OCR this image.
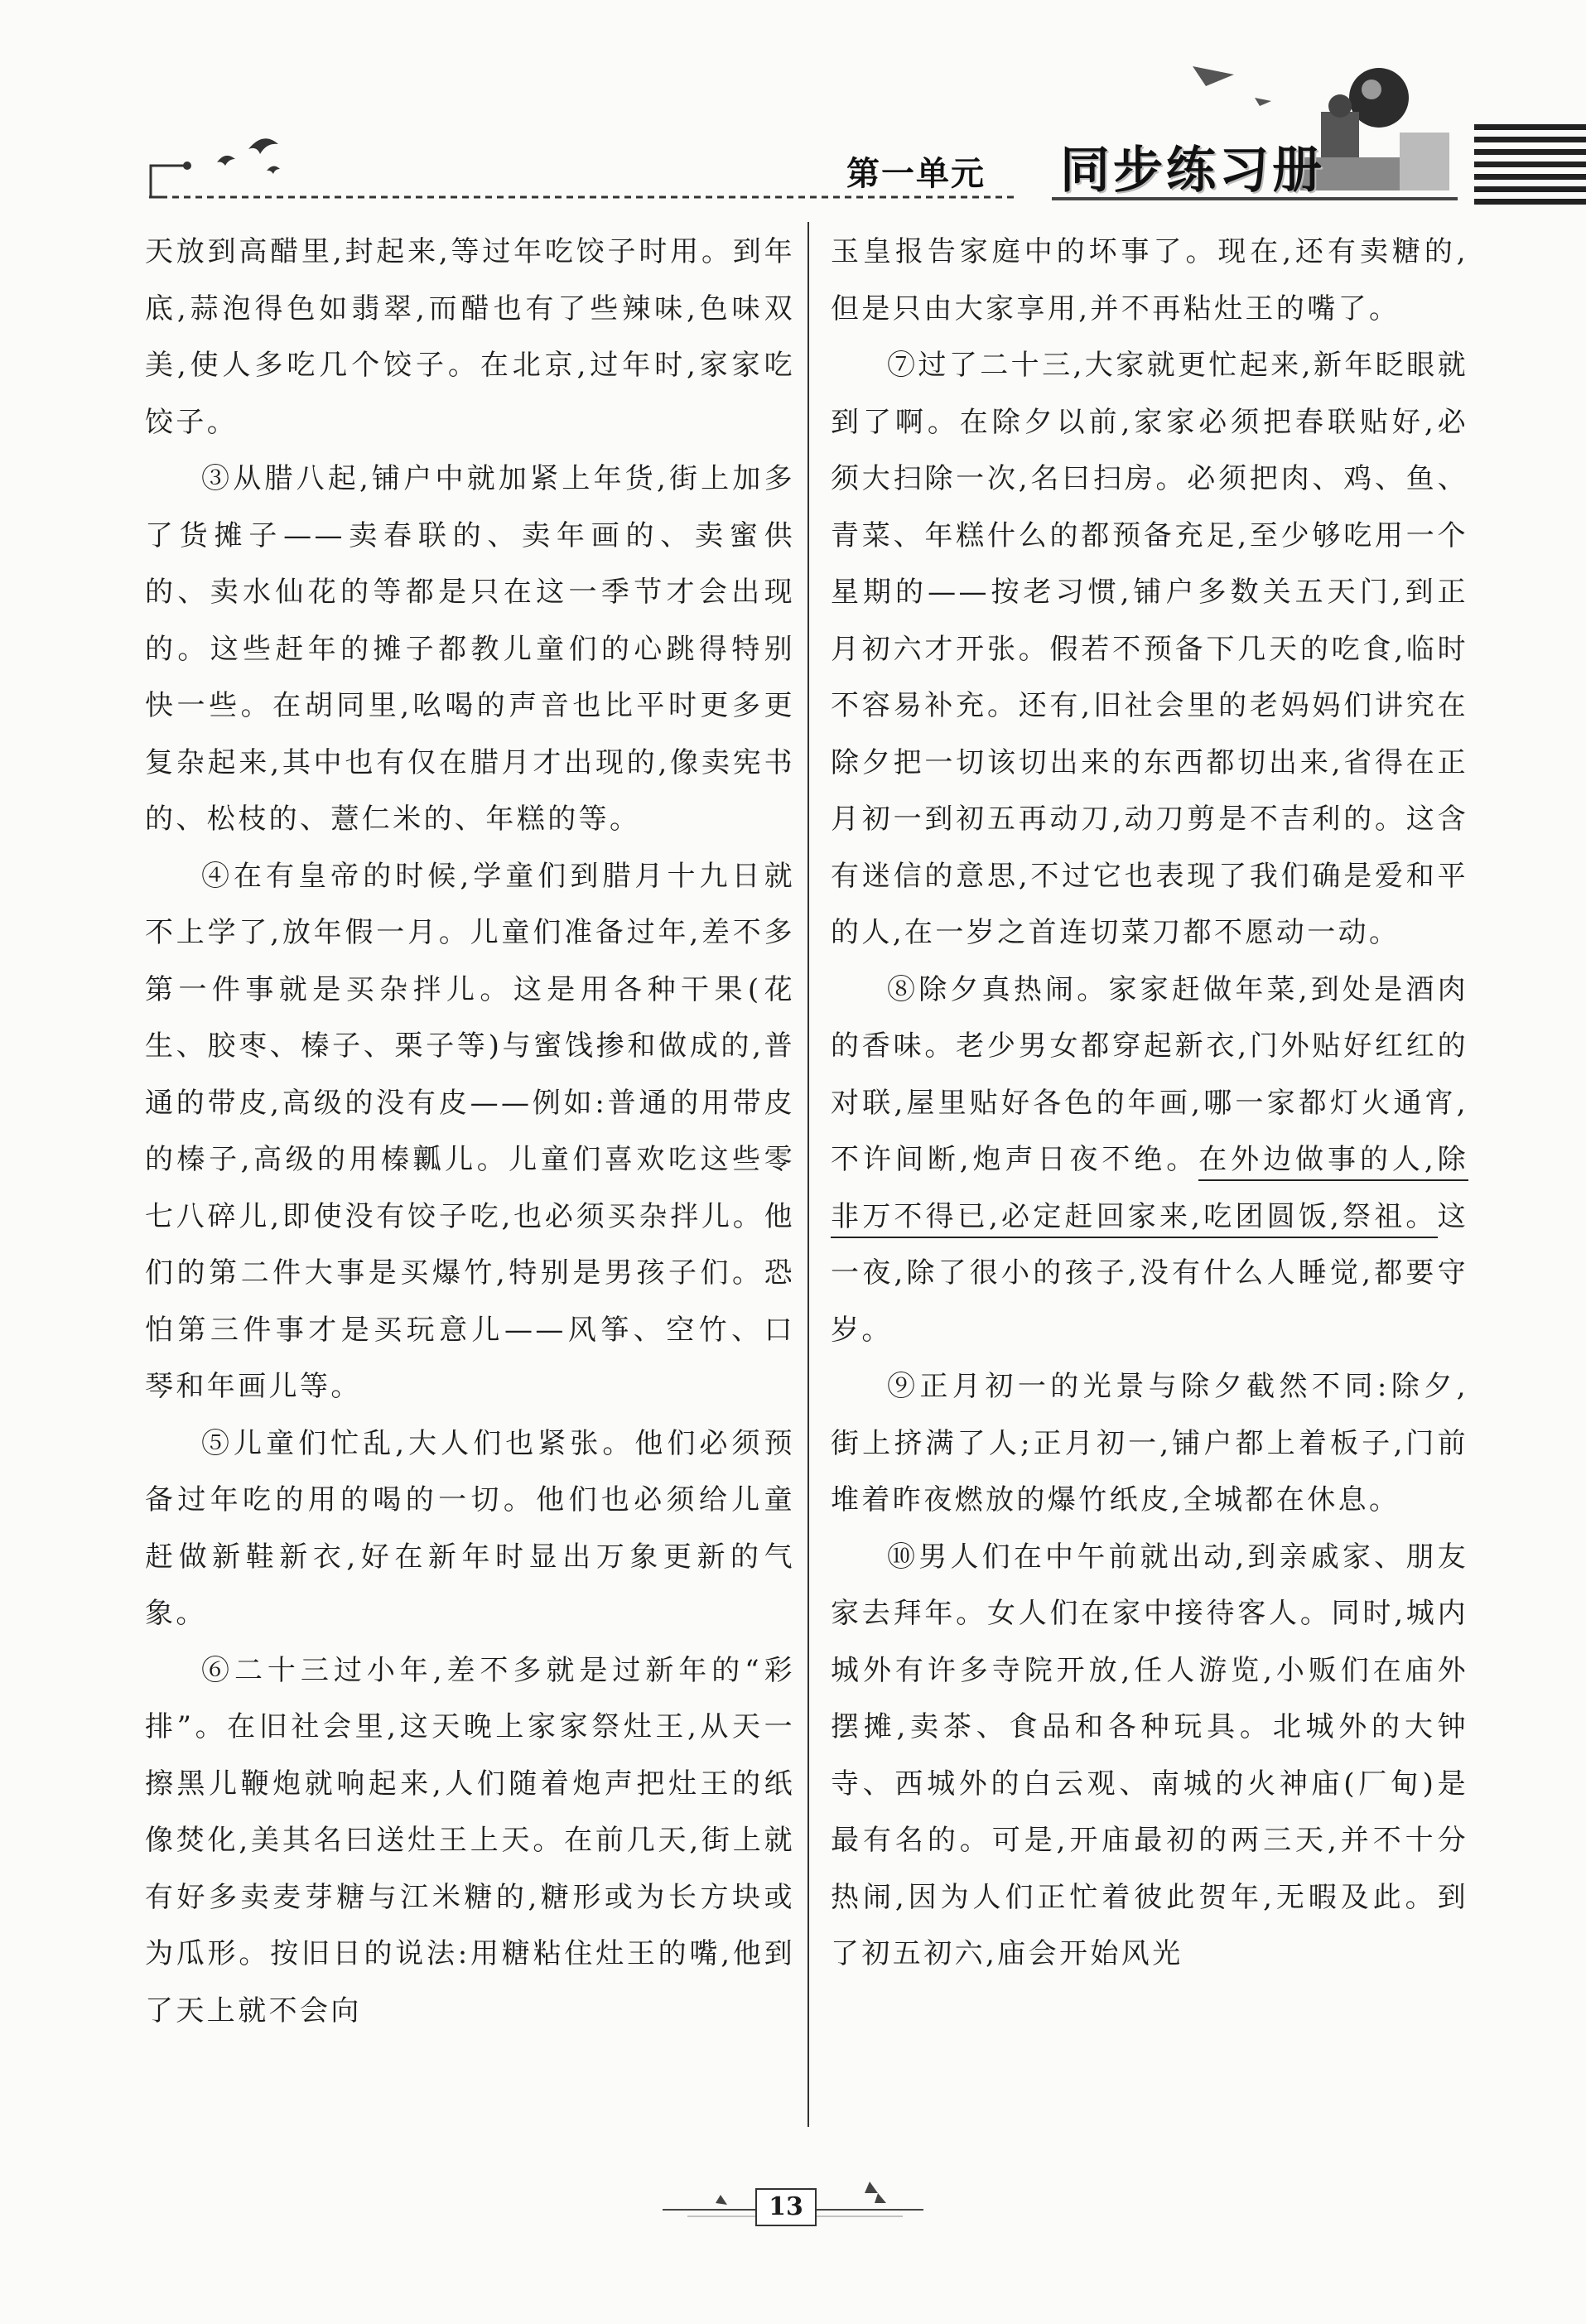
第一单元 同步练习册

天放到高醋里,封起来,等过年吃饺子时用。到年底,蒜泡得色如翡翠,而醋也有了些辣味,色味双美,使人多吃几个饺子。在北京,过年时,家家吃饺子。

③从腊八起,铺户中就加紧上年货,街上加多了货摊子——卖春联的、卖年画的、卖蜜供的、卖水仙花的等都是只在这一季节才会出现的。这些赶年的摊子都教儿童们的心跳得特别快一些。在胡同里,吆喝的声音也比平时更多更复杂起来,其中也有仅在腊月才出现的,像卖宪书的、松枝的、薏仁米的、年糕的等。

④在有皇帝的时候,学童们到腊月十九日就不上学了,放年假一月。儿童们准备过年,差不多第一件事就是买杂拌儿。这是用各种干果(花生、胶枣、榛子、栗子等)与蜜饯掺和做成的,普通的带皮,高级的没有皮——例如:普通的用带皮的榛子,高级的用榛瓤儿。儿童们喜欢吃这些零七八碎儿,即使没有饺子吃,也必须买杂拌儿。他们的第二件大事是买爆竹,特别是男孩子们。恐怕第三件事才是买玩意儿——风筝、空竹、口琴和年画儿等。

⑤儿童们忙乱,大人们也紧张。他们必须预备过年吃的用的喝的一切。他们也必须给儿童赶做新鞋新衣,好在新年时显出万象更新的气象。

⑥二十三过小年,差不多就是过新年的“彩排”。在旧社会里,这天晚上家家祭灶王,从天一擦黑儿鞭炮就响起来,人们随着炮声把灶王的纸像焚化,美其名曰送灶王上天。在前几天,街上就有好多卖麦芽糖与江米糖的,糖形或为长方块或为瓜形。按旧日的说法:用糖粘住灶王的嘴,他到了天上就不会向

玉皇报告家庭中的坏事了。现在,还有卖糖的,但是只由大家享用,并不再粘灶王的嘴了。

⑦过了二十三,大家就更忙起来,新年眨眼就到了啊。在除夕以前,家家必须把春联贴好,必须大扫除一次,名曰扫房。必须把肉、鸡、鱼、青菜、年糕什么的都预备充足,至少够吃用一个星期的——按老习惯,铺户多数关五天门,到正月初六才开张。假若不预备下几天的吃食,临时不容易补充。还有,旧社会里的老妈妈们讲究在除夕把一切该切出来的东西都切出来,省得在正月初一到初五再动刀,动刀剪是不吉利的。这含有迷信的意思,不过它也表现了我们确是爱和平的人,在一岁之首连切菜刀都不愿动一动。

⑧除夕真热闹。家家赶做年菜,到处是酒肉的香味。老少男女都穿起新衣,门外贴好红红的对联,屋里贴好各色的年画,哪一家都灯火通宵,不许间断,炮声日夜不绝。在外边做事的人,除非万不得已,必定赶回家来,吃团圆饭,祭祖。这一夜,除了很小的孩子,没有什么人睡觉,都要守岁。

⑨正月初一的光景与除夕截然不同:除夕,街上挤满了人;正月初一,铺户都上着板子,门前堆着昨夜燃放的爆竹纸皮,全城都在休息。

⑩男人们在中午前就出动,到亲戚家、朋友家去拜年。女人们在家中接待客人。同时,城内城外有许多寺院开放,任人游览,小贩们在庙外摆摊,卖茶、食品和各种玩具。北城外的大钟寺、西城外的白云观、南城的火神庙(厂甸)是最有名的。可是,开庙最初的两三天,并不十分热闹,因为人们正忙着彼此贺年,无暇及此。到了初五初六,庙会开始风光

13
